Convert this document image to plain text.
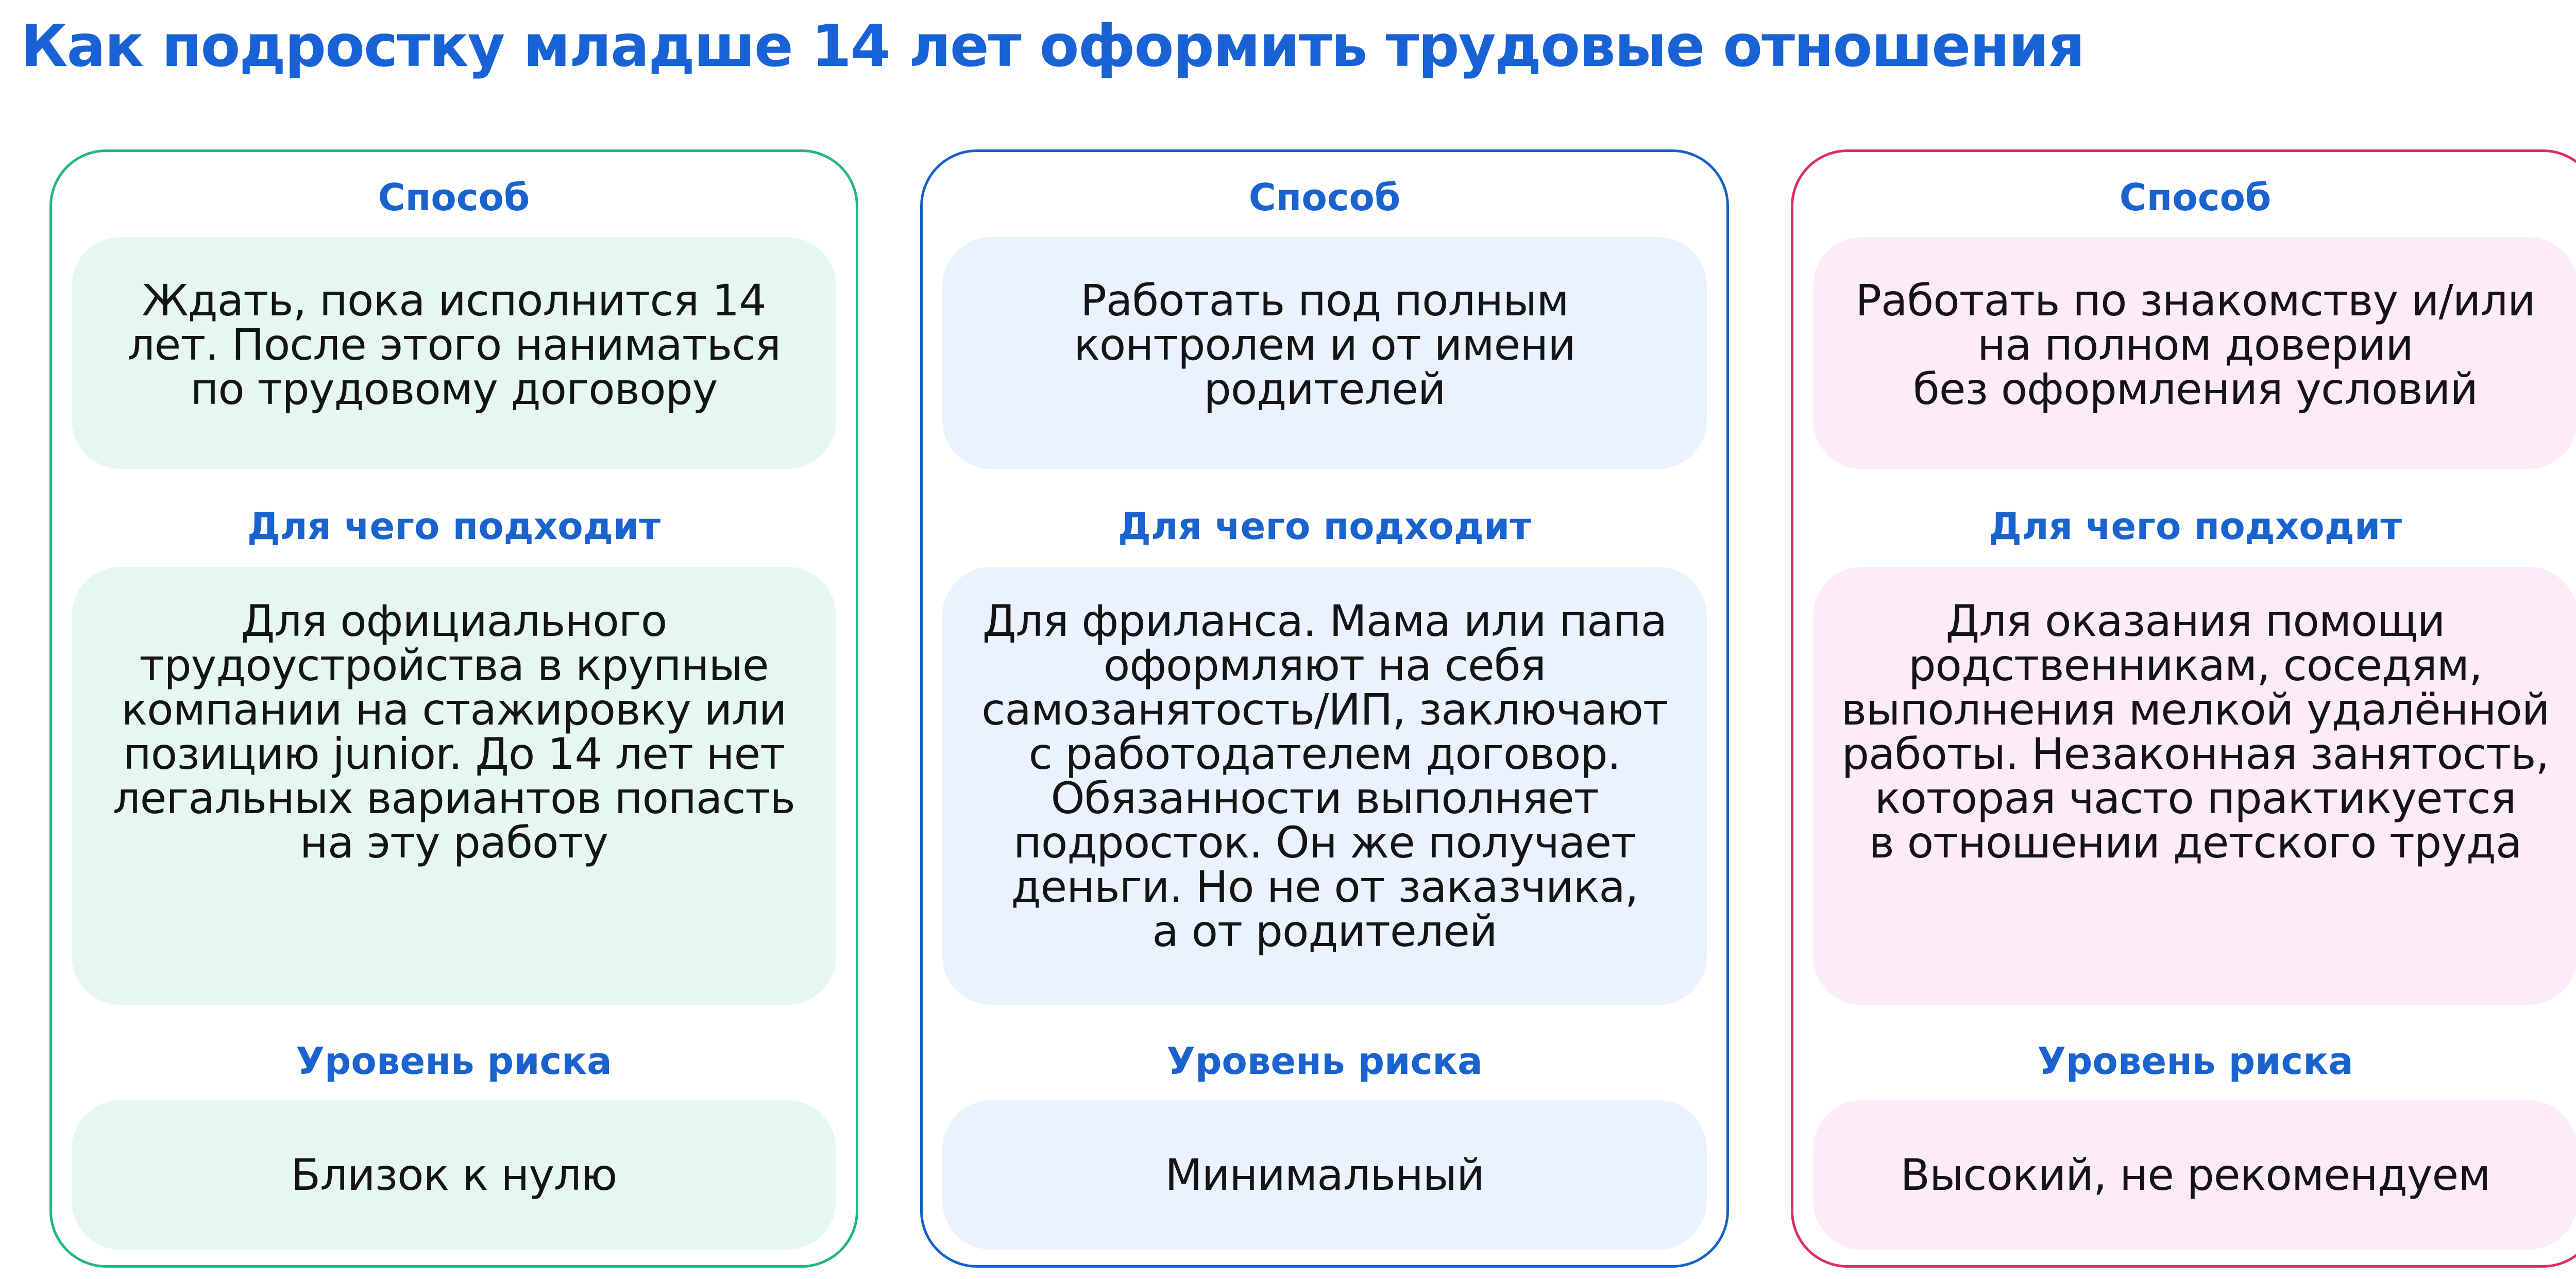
Как подростку младше 14 лет оформить трудовые отношения
Способ
Ждать, пока исполнится 14
лет. После этого наниматься
по трудовому договору
Для чего подходит
Для официального
трудоустройства в крупные
компании на стажировку или
позицию junior. До 14 лет нет
легальных вариантов попасть
на эту работу
Уровень риска
Близок к нулю
Способ
Работать под полным
контролем и от имени
родителей
Для чего подходит
Для фриланса. Мама или папа
оформляют на себя
самозанятость/ИП, заключают
с работодателем договор.
Обязанности выполняет
подросток. Он же получает
деньги. Но не от заказчика,
а от родителей
Уровень риска
Минимальный
Способ
Работать по знакомству и/или
на полном доверии
без оформления условий
Для чего подходит
Для оказания помощи
родственникам, соседям,
выполнения мелкой удалённой
работы. Незаконная занятость,
которая часто практикуется
в отношении детского труда
Уровень риска
Высокий, не рекомендуем
